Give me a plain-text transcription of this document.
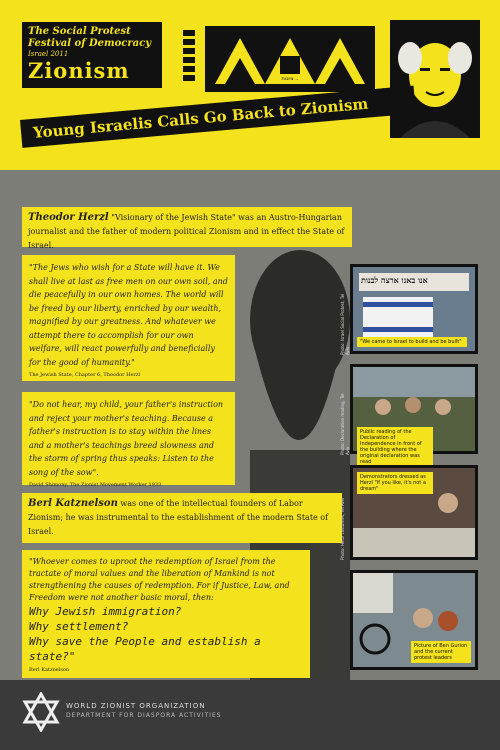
The Social Protest
Festival of Democracy
Israel 2011
Zionism	ציונות ..
Young Israelis Calls Go Back to Zionism
Theodor Herzl "Visionary of the Jewish State" was an Austro-Hungarian journalist and the father of modern political Zionism and in effect the State of Israel.
"The Jews who wish for a State will have it. We shall live at last as free men on our own soil, and die peacefully in our own homes. The world will be freed by our liberty, enriched by our wealth, magnified by our greatness. And whatever we attempt there to accomplish for our own welfare, will react powerfully and beneficially for the good of humanity."
The Jewish State, Chapter 6, Theodor Herzl
"Do not hear, my child, your father's instruction and reject your mother's teaching. Because a father's instruction is to stay within the lines and a mother's teachings breed slowness and the storm of spring thus speaks: Listen to the song of the sow".
David Shimony, The Zionist Movement Worker 1933
Berl Katznelson was one of the intellectual founders of Labor Zionism; he was instrumental to the establishment of the modern State of Israel.
"Whoever comes to uproot the redemption of Israel from the tractate of moral values and the liberation of Mankind is not strengthening the causes of redemption. For if Justice, Law, and Freedom were not another basic moral, then:
Why Jewish immigration?
Why settlement?
Why save the People and establish a state?"
Berl Katznelson
אנו באנו ארצה לבנות
"We came to Israel to build and be built"
Public reading of the Declaration of Independence in front of the building where the original declaration was read
Demonstrators dressed as Herzl "If you like, it's not a dream"
Picture of Ben Gurion and the current protest leaders
Photo: Israel Social Protest, Tel Aviv
Photo: Declaration reading, Tel Aviv
Photo: Herzl costumes, Tel Aviv
WORLD ZIONIST ORGANIZATION
DEPARTMENT FOR DIASPORA ACTIVITIES
